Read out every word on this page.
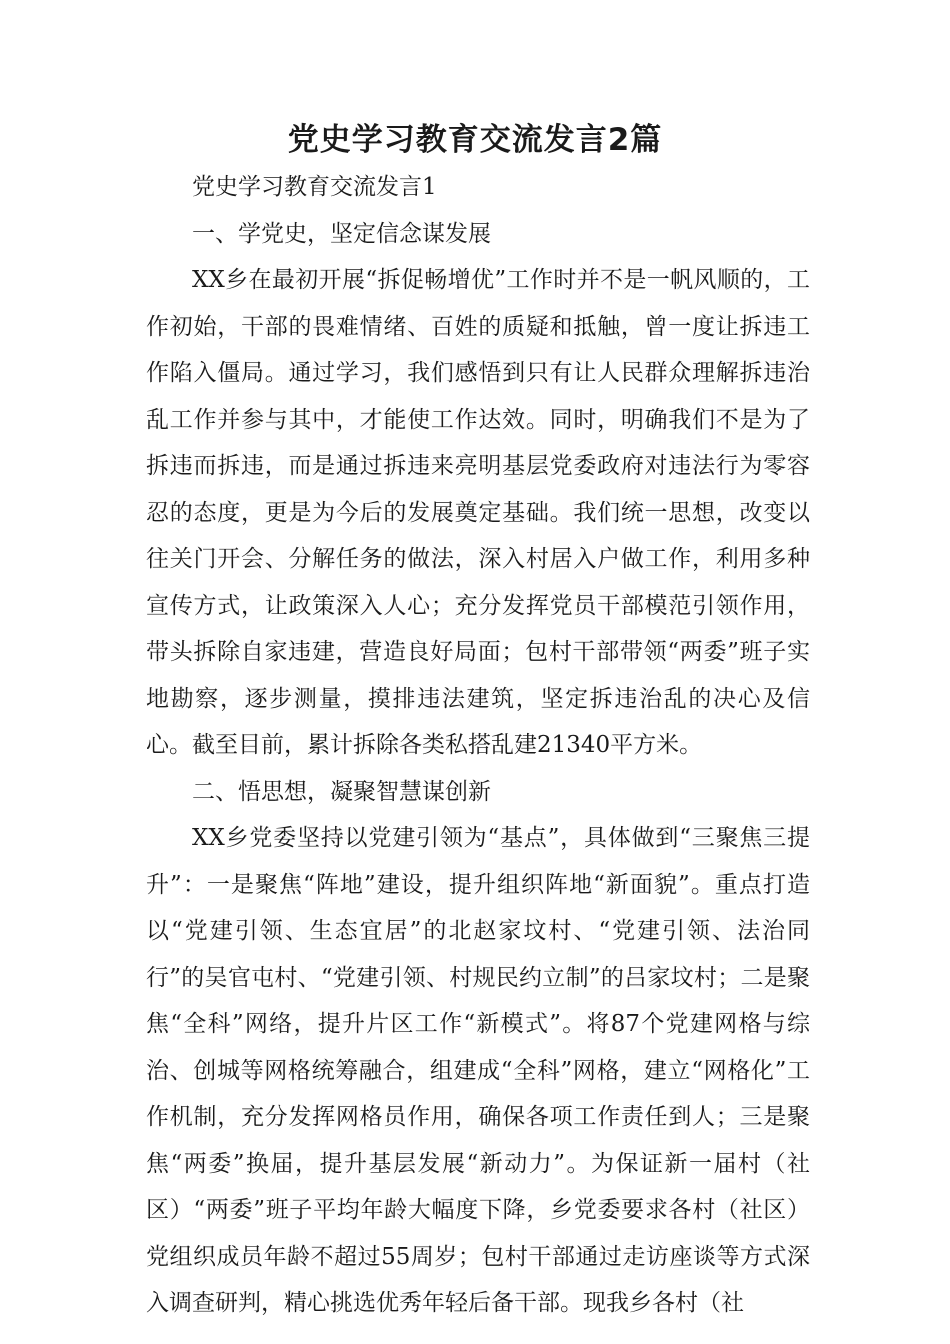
党史学习教育交流发言2篇

党史学习教育交流发言1

一、学党史，坚定信念谋发展

XX乡在最初开展“拆促畅增优”工作时并不是一帆风顺的，工作初始，干部的畏难情绪、百姓的质疑和抵触，曾一度让拆违工作陷入僵局。通过学习，我们感悟到只有让人民群众理解拆违治乱工作并参与其中，才能使工作达效。同时，明确我们不是为了拆违而拆违，而是通过拆违来亮明基层党委政府对违法行为零容忍的态度，更是为今后的发展奠定基础。我们统一思想，改变以往关门开会、分解任务的做法，深入村居入户做工作，利用多种宣传方式，让政策深入人心；充分发挥党员干部模范引领作用，带头拆除自家违建，营造良好局面；包村干部带领“两委”班子实地勘察，逐步测量，摸排违法建筑，坚定拆违治乱的决心及信心。截至目前，累计拆除各类私搭乱建21340平方米。

二、悟思想，凝聚智慧谋创新

XX乡党委坚持以党建引领为“基点”，具体做到“三聚焦三提升”：一是聚焦“阵地”建设，提升组织阵地“新面貌”。重点打造以“党建引领、生态宜居”的北赵家坟村、“党建引领、法治同行”的吴官屯村、“党建引领、村规民约立制”的吕家坟村；二是聚焦“全科”网络，提升片区工作“新模式”。将87个党建网格与综治、创城等网格统筹融合，组建成“全科”网格，建立“网格化”工作机制，充分发挥网格员作用，确保各项工作责任到人；三是聚焦“两委”换届，提升基层发展“新动力”。为保证新一届村（社区）“两委”班子平均年龄大幅度下降，乡党委要求各村（社区）党组织成员年龄不超过55周岁；包村干部通过走访座谈等方式深入调查研判，精心挑选优秀年轻后备干部。现我乡各村（社
